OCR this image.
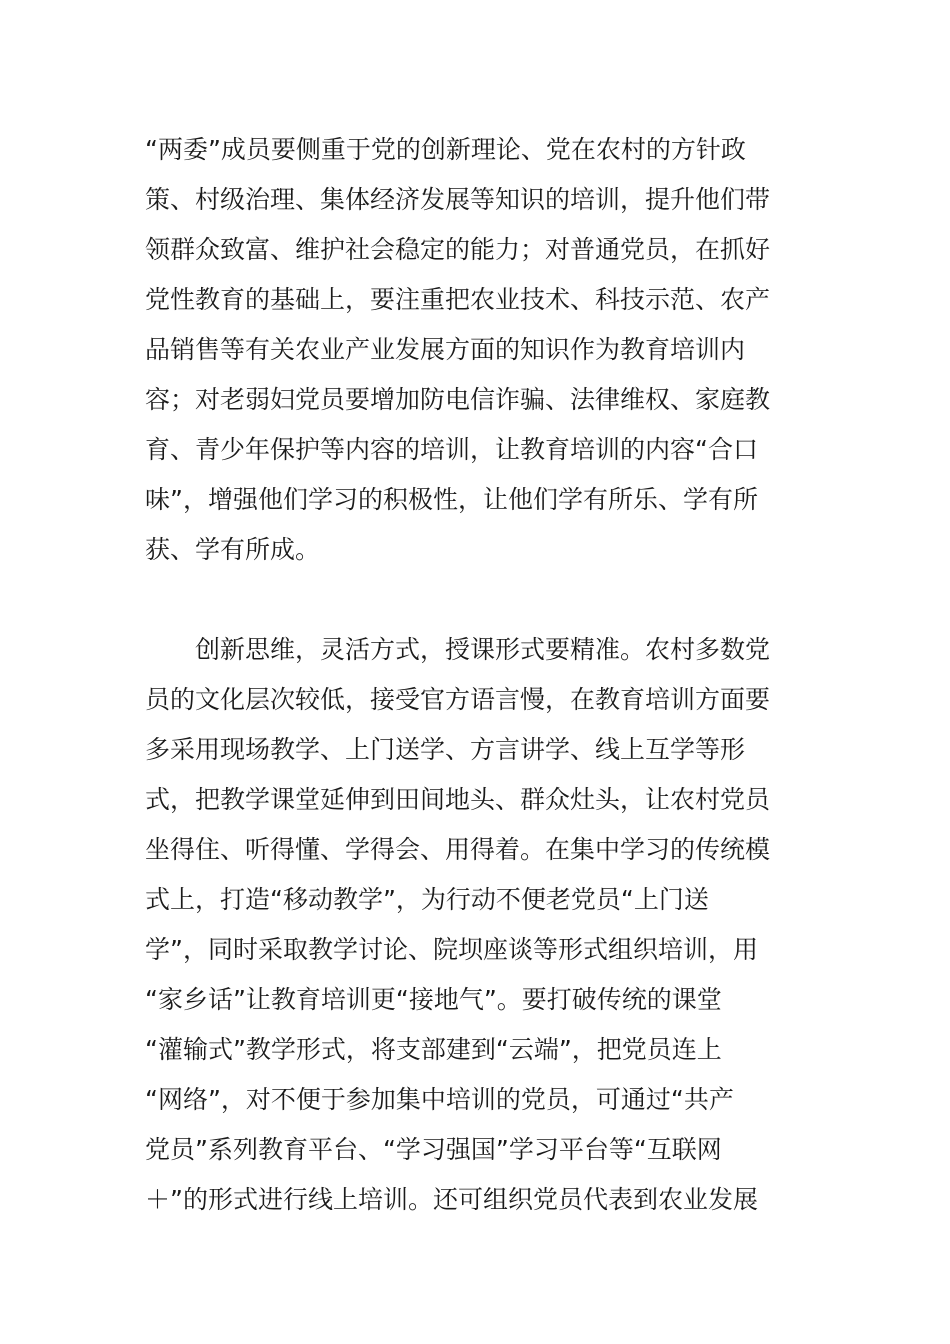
“两委”成员要侧重于党的创新理论、党在农村的方针政
策、村级治理、集体经济发展等知识的培训，提升他们带
领群众致富、维护社会稳定的能力；对普通党员，在抓好
党性教育的基础上，要注重把农业技术、科技示范、农产
品销售等有关农业产业发展方面的知识作为教育培训内
容；对老弱妇党员要增加防电信诈骗、法律维权、家庭教
育、青少年保护等内容的培训，让教育培训的内容“合口
味”，增强他们学习的积极性，让他们学有所乐、学有所
获、学有所成。

　　创新思维，灵活方式，授课形式要精准。农村多数党
员的文化层次较低，接受官方语言慢，在教育培训方面要
多采用现场教学、上门送学、方言讲学、线上互学等形
式，把教学课堂延伸到田间地头、群众灶头，让农村党员
坐得住、听得懂、学得会、用得着。在集中学习的传统模
式上，打造“移动教学”，为行动不便老党员“上门送
学”，同时采取教学讨论、院坝座谈等形式组织培训，用
“家乡话”让教育培训更“接地气”。要打破传统的课堂
“灌输式”教学形式，将支部建到“云端”，把党员连上
“网络”，对不便于参加集中培训的党员，可通过“共产
党员”系列教育平台、“学习强国”学习平台等“互联网
＋”的形式进行线上培训。还可组织党员代表到农业发展
